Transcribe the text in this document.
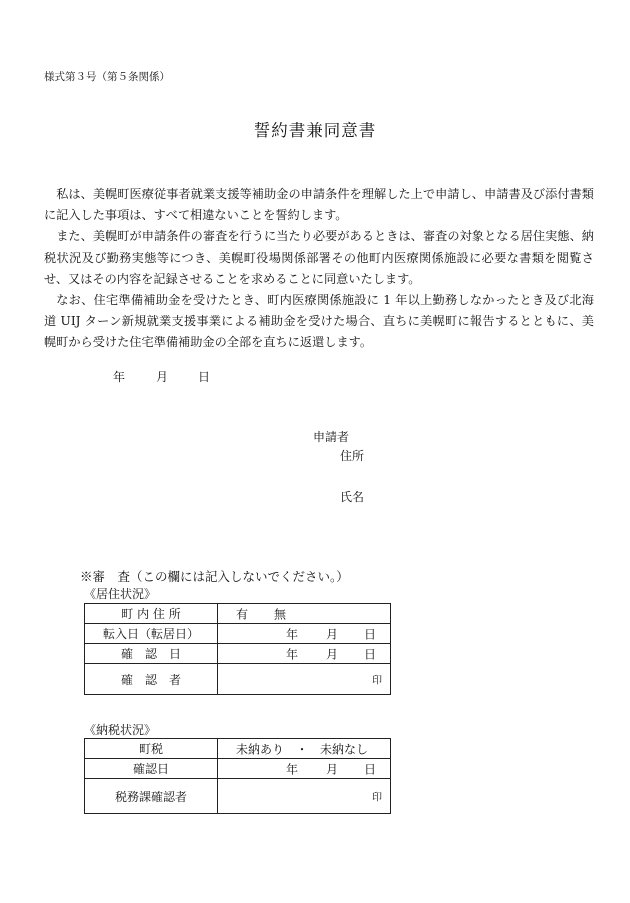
様式第３号（第５条関係）
誓約書兼同意書

私は、美幌町医療従事者就業支援等補助金の申請条件を理解した上で申請し、申請書及び添付書類に記入した事項は、すべて相違ないことを誓約します。

また、美幌町が申請条件の審査を行うに当たり必要があるときは、審査の対象となる居住実態、納税状況及び勤務実態等につき、美幌町役場関係部署その他町内医療関係施設に必要な書類を閲覧させ、又はその内容を記録させることを求めることに同意いたします。

なお、住宅準備補助金を受けたとき、町内医療関係施設に 1 年以上勤務しなかったとき及び北海道 UIJ ターン新規就業支援事業による補助金を受けた場合、直ちに美幌町に報告するとともに、美幌町から受けた住宅準備補助金の全部を直ちに返還します。

年	月 日
申請者
住所
氏名
※審　査（この欄には記入しないでください。）
《居住状況》
町 内 住 所	有 無

転入日（転居日）	年 月 日

確　認　日	年 月 日

確　認　者	印
《納税状況》
町税	未納あり　・　未納なし

確認日	年 月 日

税務課確認者	印
